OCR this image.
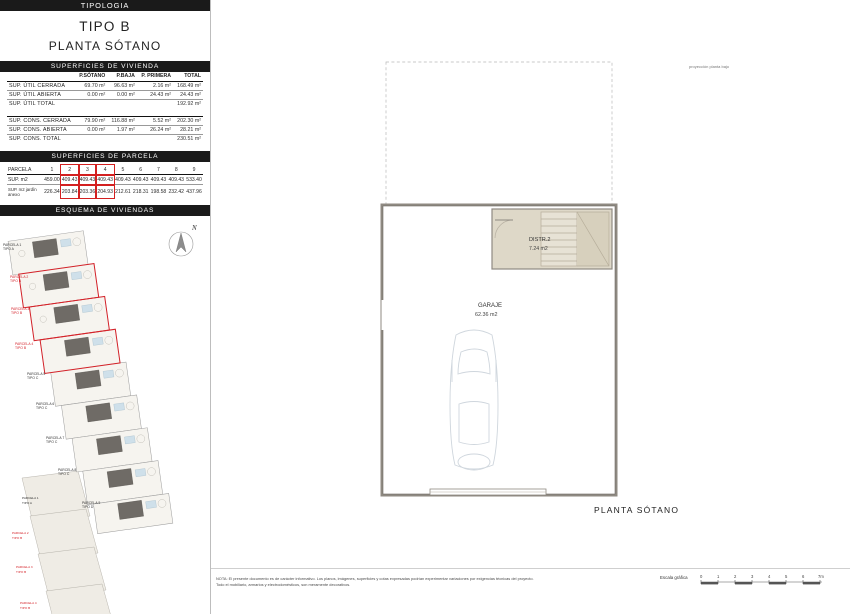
TIPOLOGIA
TIPO B
PLANTA SÓTANO
SUPERFICIES DE VIVIENDA
	P.SÓTANO	P.BAJA	P. PRIMERA	TOTAL
SUP. ÚTIL CERRADA	69.70 m²	96.63 m²	2.16 m²	168.49 m²
SUP. ÚTIL ABIERTA	0.00 m²	0.00 m²	24.43 m²	24.43 m²
SUP. ÚTIL TOTAL				192.92 m²

SUP. CONS. CERRADA	79.90 m²	116.88 m²	5.52 m²	202.30 m²
SUP. CONS. ABIERTA	0.00 m²	1.97 m²	26.24 m²	28.21 m²
SUP. CONS. TOTAL				230.51 m²
SUPERFICIES DE PARCELA
PARCELA	1	2	3	4	5	6	7	8	9
SUP. m2	459.00	409.43	409.43	409.43	409.43	409.43	409.43	409.43	533.40
SUP. m2 jardín anexo	226.34	203.84	203.36	204.93	212.61	218.31	198.58	232.42	437.96
ESQUEMA DE VIVIENDAS
PARCELA 1
TIPO A
PARCELA 2
TIPO B
PARCELA 3
TIPO B
PARCELA 4
TIPO B
PARCELA 1
TIPO A
PARCELA 2
TIPO B
PARCELA 3
TIPO B
PARCELA 4
TIPO B
PARCELA 5
TIPO C
PARCELA 6
TIPO C
PARCELA 7
TIPO C
PARCELA 8
TIPO C
PARCELA 9
TIPO D
N
proyección planta bajo
DISTR.2
7.24 m2
GARAJE
62.36 m2
PLANTA SÓTANO
NOTA: El presente documento es de carácter informativo. Los planos, imágenes, superficies y cotas expresadas podrían experimentar variaciones por exigencias técnicas del proyecto.
Todo el mobiliario, armarios y electrodomésticos, son meramente decorativos.
Escala gráfica	0	1	2	3	4	5	6	7m
